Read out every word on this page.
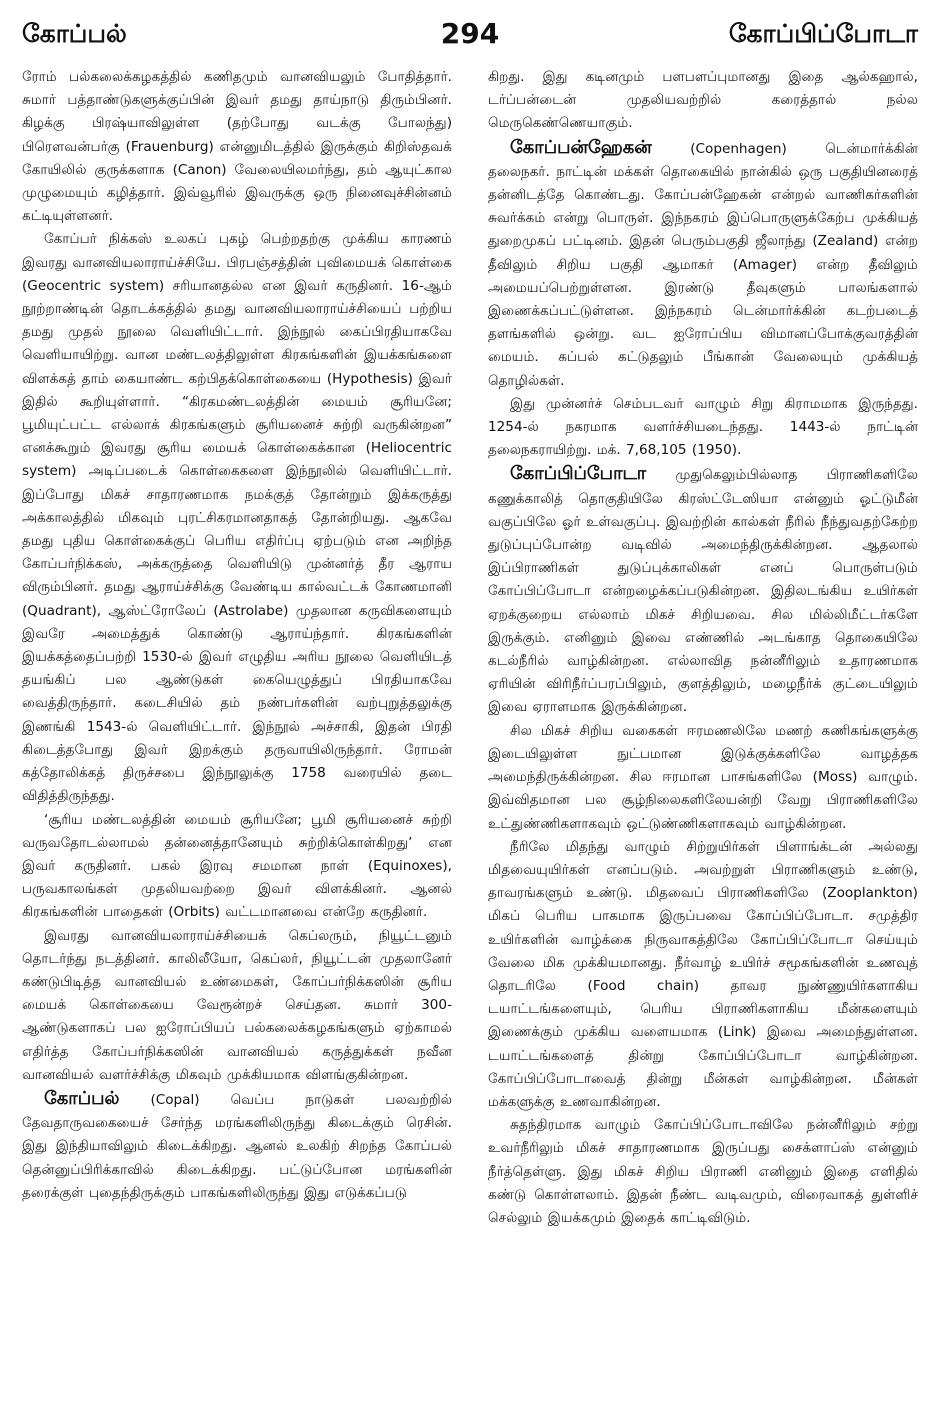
கோப்பல்	294	கோப்பிப்போடா

ரோம் பல்கலைக்கழகத்தில் கணிதமும் வானவியலும் போதித்தார். சுமார் பத்தாண்டுகளுக்குப்பின் இவர் தமது தாய்நாடு திரும்பினர். கிழக்கு பிரஷ்யாவிலுள்ள (தற்போது வடக்கு போலந்து) பிரௌவன்பர்கு (Frauenburg) என்னுமிடத்தில் இருக்கும் கிறிஸ்தவக் கோயிலில் குருக்களாக (Canon) வேலையிலமர்ந்து, தம் ஆயுட்கால முழுமையும் கழித்தார். இவ்வூரில் இவருக்கு ஒரு நினைவுச்சின்னம் கட்டியுள்ளனர்.

கோப்பர் நிக்கஸ் உலகப் புகழ் பெற்றதற்கு முக்கிய காரணம் இவரது வானவியலாராய்ச்சியே. பிரபஞ்சத்தின் புவிமையக் கொள்கை (Geocentric system) சரியானதல்ல என இவர் கருதினர். 16-ஆம் நூற்றாண்டின் தொடக்கத்தில் தமது வானவியலாராய்ச்சியைப் பற்றிய தமது முதல் நூலை வெளியிட்டார். இந்நூல் கைப்பிரதியாகவே வெளியாயிற்று. வான மண்டலத்திலுள்ள கிரகங்களின் இயக்கங்களை விளக்கத் தாம் கையாண்ட கற்பிதக்கொள்கையை (Hypothesis) இவர் இதில் கூறியுள்ளார். “கிரகமண்டலத்தின் மையம் சூரியனே; பூமியுட்பட்ட எல்லாக் கிரகங்களும் சூரியனைச் சுற்றி வருகின்றன” எனக்கூறும் இவரது சூரிய மையக் கொள்கைக்கான (Heliocentric system) அடிப்படைக் கொள்கைகளை இந்நூலில் வெளியிட்டார். இப்போது மிகச் சாதாரணமாக நமக்குத் தோன்றும் இக்கருத்து அக்காலத்தில் மிகவும் புரட்சிகரமானதாகத் தோன்றியது. ஆகவே தமது புதிய கொள்கைக்குப் பெரிய எதிர்ப்பு ஏற்படும் என அறிந்த கோப்பர்நிக்கஸ், அக்கருத்தை வெளியிடு முன்னர்த் தீர ஆராய விரும்பினர். தமது ஆராய்ச்சிக்கு வேண்டிய கால்வட்டக் கோணமானி (Quadrant), ஆஸ்ட்ரோலேப் (Astrolabe) முதலான கருவிகளையும் இவரே அமைத்துக் கொண்டு ஆராய்ந்தார். கிரகங்களின் இயக்கத்தைப்பற்றி 1530-ல் இவர் எழுதிய அரிய நூலை வெளியிடத் தயங்கிப் பல ஆண்டுகள் கையெழுத்துப் பிரதியாகவே வைத்திருந்தார். கடைசியில் தம் நண்பர்களின் வற்புறுத்தலுக்கு இணங்கி 1543-ல் வெளியிட்டார். இந்நூல் அச்சாகி, இதன் பிரதி கிடைத்தபோது இவர் இறக்கும் தருவாயிலிருந்தார். ரோமன் கத்தோலிக்கத் திருச்சபை இந்நூலுக்கு 1758 வரையில் தடை விதித்திருந்தது.

‘சூரிய மண்டலத்தின் மையம் சூரியனே; பூமி சூரியனைச் சுற்றி வருவதோடல்லாமல் தன்னைத்தானேயும் சுற்றிக்கொள்கிறது’ என இவர் கருதினர். பகல் இரவு சமமான நாள் (Equinoxes), பருவகாலங்கள் முதலியவற்றை இவர் விளக்கினர். ஆனல் கிரகங்களின் பாதைகள் (Orbits) வட்டமானவை என்றே கருதினர்.

இவரது வானவியலாராய்ச்சியைக் கெப்லரும், நியூட்டனும் தொடர்ந்து நடத்தினர். காலிலீயோ, கெப்லர், நியூட்டன் முதலானேர் கண்டுபிடித்த வானவியல் உண்மைகள், கோப்பர்நிக்கஸின் சூரிய மையக் கொள்கையை வேரூன்றச் செய்தன. சுமார் 300-ஆண்டுகளாகப் பல ஐரோப்பியப் பல்கலைக்கழகங்களும் ஏற்காமல் எதிர்த்த கோப்பர்நிக்கஸின் வானவியல் கருத்துக்கள் நவீன வானவியல் வளர்ச்சிக்கு மிகவும் முக்கியமாக விளங்குகின்றன.

கோப்பல் (Copal) வெப்ப நாடுகள் பலவற்றில் தேவதாருவகையைச் சேர்ந்த மரங்களிலிருந்து கிடைக்கும் ரெசின். இது இந்தியாவிலும் கிடைக்கிறது. ஆனல் உலகிற் சிறந்த கோப்பல் தென்னுப்பிரிக்காவில் கிடைக்கிறது. பட்டுப்போன மரங்களின் தரைக்குள் புதைந்திருக்கும் பாகங்களிலிருந்து இது எடுக்கப்படு

கிறது. இது கடினமும் பளபளப்புமானது இதை ஆல்கஹால், டர்ப்பன்டைன் முதலியவற்றில் கரைத்தால் நல்ல மெருகெண்ணெயாகும்.

கோப்பன்ஹேகன் (Copenhagen) டென்மார்க்கின் தலைநகர். நாட்டின் மக்கள் தொகையில் நான்கில் ஒரு பகுதியினரைத் தன்னிடத்தே கொண்டது. கோப்பன்ஹேகன் என்றல் வாணிகர்களின் சுவர்க்கம் என்று பொருள். இந்நகரம் இப்பொருளுக்கேற்ப முக்கியத் துறைமுகப் பட்டினம். இதன் பெரும்பகுதி ஜீலாந்து (Zealand) என்ற தீவிலும் சிறிய பகுதி ஆமாகர் (Amager) என்ற தீவிலும் அமையப்பெற்றுள்ளன. இரண்டு தீவுகளும் பாலங்களால் இணைக்கப்பட்டுள்ளன. இந்நகரம் டென்மார்க்கின் கடற்படைத் தளங்களில் ஒன்று. வட ஐரோப்பிய விமானப்போக்குவரத்தின் மையம். கப்பல் கட்டுதலும் பீங்கான் வேலையும் முக்கியத் தொழில்கள்.

இது முன்னர்ச் செம்படவர் வாழும் சிறு கிராமமாக இருந்தது. 1254-ல் நகரமாக வளர்ச்சியடைந்தது. 1443-ல் நாட்டின் தலைநகராயிற்று. மக். 7,68,105 (1950).

கோப்பிப்போடா முதுகெலும்பில்லாத பிராணிகளிலே கணுக்காலித் தொகுதியிலே கிரஸ்ட்டேஸியா என்னும் ஓட்டுமீன் வகுப்பிலே ஓர் உள்வகுப்பு. இவற்றின் கால்கள் நீரில் நீந்துவதற்கேற்ற துடுப்புப்போன்ற வடிவில் அமைந்திருக்கின்றன. ஆதலால் இப்பிராணிகள் துடுப்புக்காலிகள் எனப் பொருள்படும் கோப்பிப்போடா என்றழைக்கப்படுகின்றன. இதிலடங்கிய உயிர்கள் ஏறக்குறைய எல்லாம் மிகச் சிறியவை. சில மில்லிமீட்டர்களே இருக்கும். எனினும் இவை எண்ணில் அடங்காத தொகையிலே கடல்நீரில் வாழ்கின்றன. எல்லாவித நன்னீரிலும் உதாரணமாக ஏரியின் விரிநீர்ப்பரப்பிலும், குளத்திலும், மழைநீர்க் குட்டையிலும் இவை ஏராளமாக இருக்கின்றன.

சில மிகச் சிறிய வகைகள் ஈரமணலிலே மணற் கணிகங்களுக்கு இடையிலுள்ள நுட்பமான இடுக்குக்களிலே வாழத்தக அமைந்திருக்கின்றன. சில ஈரமான பாசங்களிலே (Moss) வாழும். இவ்விதமான பல சூழ்நிலைகளிலேயன்றி வேறு பிராணிகளிலே உட்துண்ணிகளாகவும் ஒட்டுண்ணிகளாகவும் வாழ்கின்றன.

நீரிலே மிதந்து வாழும் சிற்றுயிர்கள் பிளாங்க்டன் அல்லது மிதவையுயிர்கள் எனப்படும். அவற்றுள் பிராணிகளும் உண்டு, தாவரங்களும் உண்டு. மிதவைப் பிராணிகளிலே (Zooplankton) மிகப் பெரிய பாகமாக இருப்பவை கோப்பிப்போடா. சமுத்திர உயிர்களின் வாழ்க்கை நிருவாகத்திலே கோப்பிப்போடா செய்யும் வேலை மிக முக்கியமானது. நீர்வாழ் உயிர்ச் சமூகங்களின் உணவுத் தொடரிலே (Food chain) தாவர நுண்ணுயிர்களாகிய டயாட்டங்களையும், பெரிய பிராணிகளாகிய மீன்களையும் இணைக்கும் முக்கிய வளையமாக (Link) இவை அமைந்துள்ளன. டயாட்டங்களைத் தின்று கோப்பிப்போடா வாழ்கின்றன. கோப்பிப்போடாவைத் தின்று மீன்கள் வாழ்கின்றன. மீன்கள் மக்களுக்கு உணவாகின்றன.

சுதந்திரமாக வாழும் கோப்பிப்போடாவிலே நன்னீரிலும் சற்று உவர்நீரிலும் மிகச் சாதாரணமாக இருப்பது சைக்ளாப்ஸ் என்னும் நீர்த்தெள்ளு. இது மிகச் சிறிய பிராணி எனினும் இதை எளிதில் கண்டு கொள்ளலாம். இதன் நீண்ட வடிவமும், விரைவாகத் துள்ளிச் செல்லும் இயக்கமும் இதைக் காட்டிவிடும்.
